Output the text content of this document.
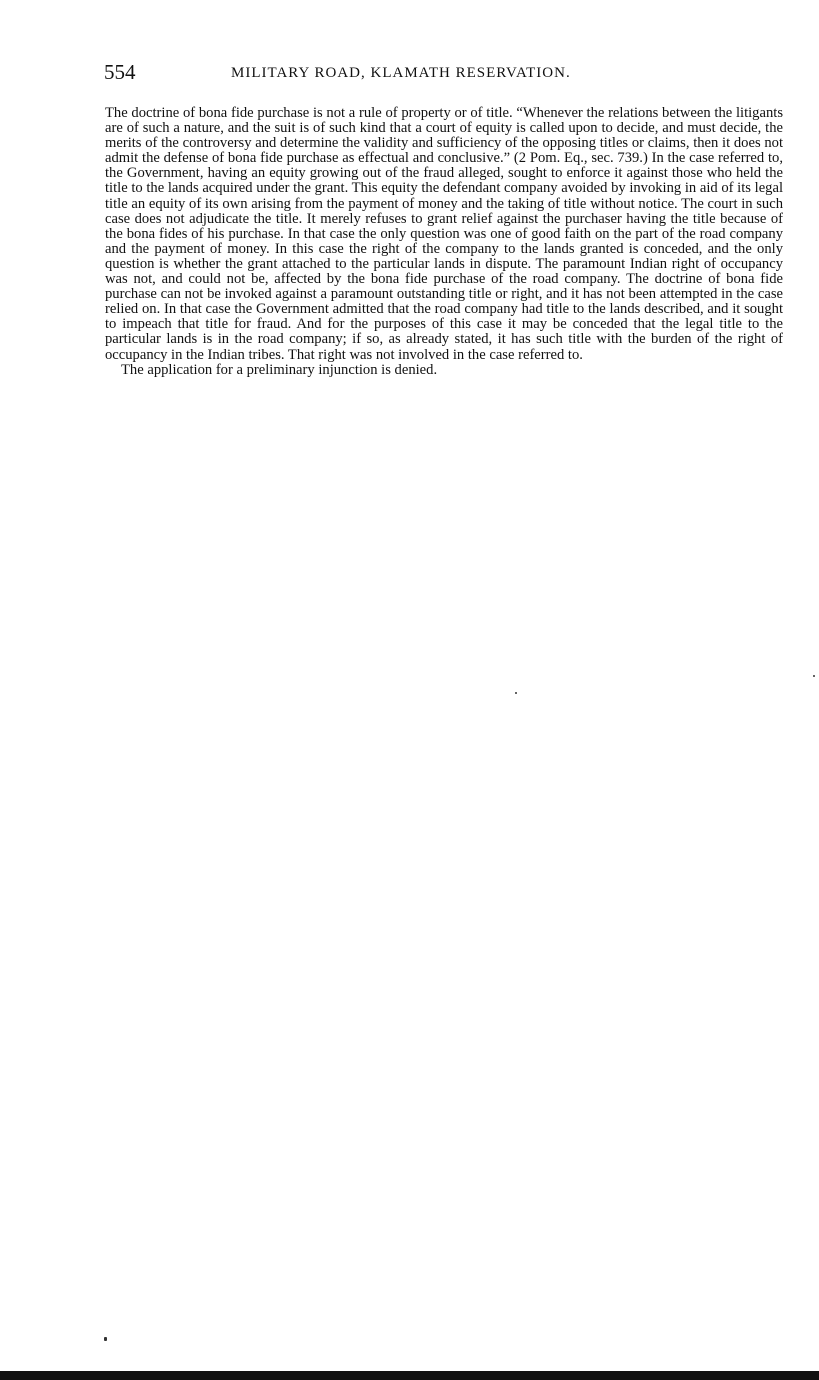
554	MILITARY ROAD, KLAMATH RESERVATION.

The doctrine of bona fide purchase is not a rule of property or of title. “Whenever the relations between the litigants are of such a nature, and the suit is of such kind that a court of equity is called upon to decide, and must decide, the merits of the controversy and determine the validity and sufficiency of the opposing titles or claims, then it does not admit the defense of bona fide purchase as effectual and conclusive.” (2 Pom. Eq., sec. 739.) In the case referred to, the Government, having an equity growing out of the fraud alleged, sought to enforce it against those who held the title to the lands acquired under the grant. This equity the defendant company avoided by invoking in aid of its legal title an equity of its own arising from the payment of money and the taking of title without notice. The court in such case does not adjudicate the title. It merely refuses to grant relief against the purchaser having the title because of the bona fides of his purchase. In that case the only question was one of good faith on the part of the road company and the payment of money. In this case the right of the company to the lands granted is conceded, and the only question is whether the grant attached to the particular lands in dispute. The paramount Indian right of occupancy was not, and could not be, affected by the bona fide purchase of the road company. The doctrine of bona fide purchase can not be invoked against a paramount outstanding title or right, and it has not been attempted in the case relied on. In that case the Government admitted that the road company had title to the lands described, and it sought to impeach that title for fraud. And for the purposes of this case it may be conceded that the legal title to the particular lands is in the road company; if so, as already stated, it has such title with the burden of the right of occupancy in the Indian tribes. That right was not involved in the case referred to.

The application for a preliminary injunction is denied.
